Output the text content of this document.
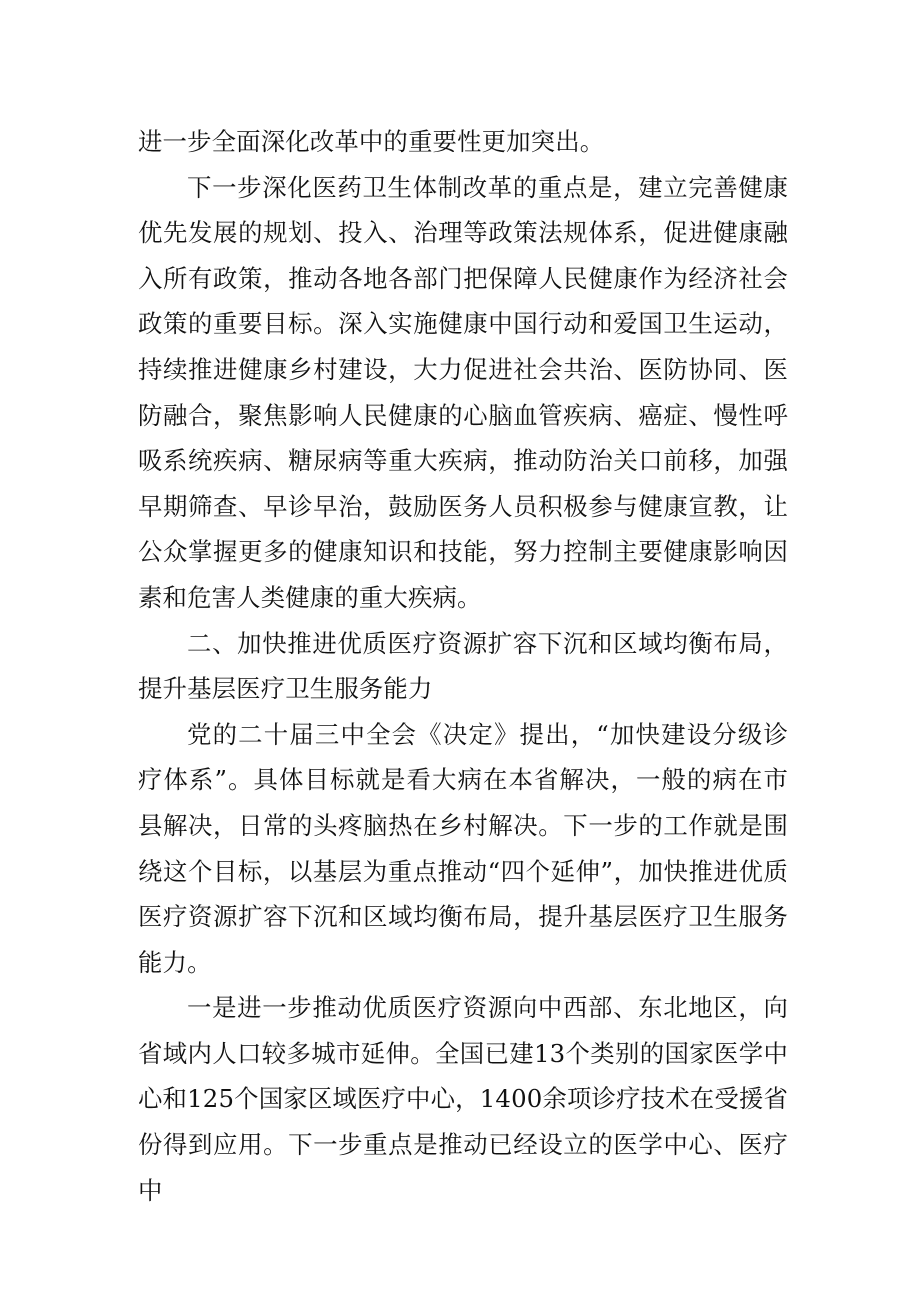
进一步全面深化改革中的重要性更加突出。

下一步深化医药卫生体制改革的重点是，建立完善健康优先发展的规划、投入、治理等政策法规体系，促进健康融入所有政策，推动各地各部门把保障人民健康作为经济社会政策的重要目标。深入实施健康中国行动和爱国卫生运动，持续推进健康乡村建设，大力促进社会共治、医防协同、医防融合，聚焦影响人民健康的心脑血管疾病、癌症、慢性呼吸系统疾病、糖尿病等重大疾病，推动防治关口前移，加强早期筛查、早诊早治，鼓励医务人员积极参与健康宣教，让公众掌握更多的健康知识和技能，努力控制主要健康影响因素和危害人类健康的重大疾病。

二、加快推进优质医疗资源扩容下沉和区域均衡布局，提升基层医疗卫生服务能力

党的二十届三中全会《决定》提出，“加快建设分级诊疗体系”。具体目标就是看大病在本省解决，一般的病在市县解决，日常的头疼脑热在乡村解决。下一步的工作就是围绕这个目标，以基层为重点推动“四个延伸”，加快推进优质医疗资源扩容下沉和区域均衡布局，提升基层医疗卫生服务能力。

一是进一步推动优质医疗资源向中西部、东北地区，向省域内人口较多城市延伸。全国已建13个类别的国家医学中心和125个国家区域医疗中心，1400余项诊疗技术在受援省份得到应用。下一步重点是推动已经设立的医学中心、医疗中
